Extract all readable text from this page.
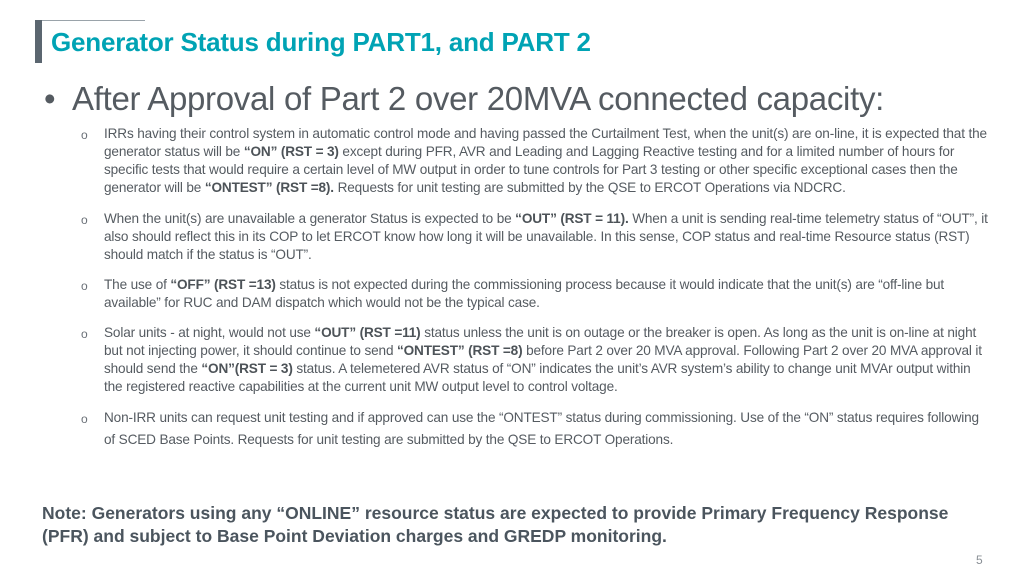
Generator Status during PART1, and PART 2
• After Approval of Part 2 over 20MVA connected capacity:
o IRRs having their control system in automatic control mode and having passed the Curtailment Test, when the unit(s) are on-line, it is expected that the generator status will be “ON” (RST = 3) except during PFR, AVR and Leading and Lagging Reactive testing and for a limited number of hours for specific tests that would require a certain level of MW output in order to tune controls for Part 3 testing or other specific exceptional cases then the generator will be “ONTEST” (RST =8). Requests for unit testing are submitted by the QSE to ERCOT Operations via NDCRC.
o When the unit(s) are unavailable a generator Status is expected to be “OUT” (RST = 11). When a unit is sending real-time telemetry status of “OUT”, it also should reflect this in its COP to let ERCOT know how long it will be unavailable. In this sense, COP status and real-time Resource status (RST) should match if the status is “OUT”.
o The use of “OFF” (RST =13) status is not expected during the commissioning process because it would indicate that the unit(s) are “off-line but available” for RUC and DAM dispatch which would not be the typical case.
o Solar units - at night, would not use “OUT” (RST =11) status unless the unit is on outage or the breaker is open. As long as the unit is on-line at night but not injecting power, it should continue to send “ONTEST” (RST =8) before Part 2 over 20 MVA approval. Following Part 2 over 20 MVA approval it should send the “ON”(RST = 3) status. A telemetered AVR status of “ON” indicates the unit’s AVR system’s ability to change unit MVAr output within the registered reactive capabilities at the current unit MW output level to control voltage.
o Non-IRR units can request unit testing and if approved can use the “ONTEST” status during commissioning. Use of the “ON” status requires following of SCED Base Points. Requests for unit testing are submitted by the QSE to ERCOT Operations.
Note: Generators using any “ONLINE” resource status are expected to provide Primary Frequency Response (PFR) and subject to Base Point Deviation charges and GREDP monitoring.
5
